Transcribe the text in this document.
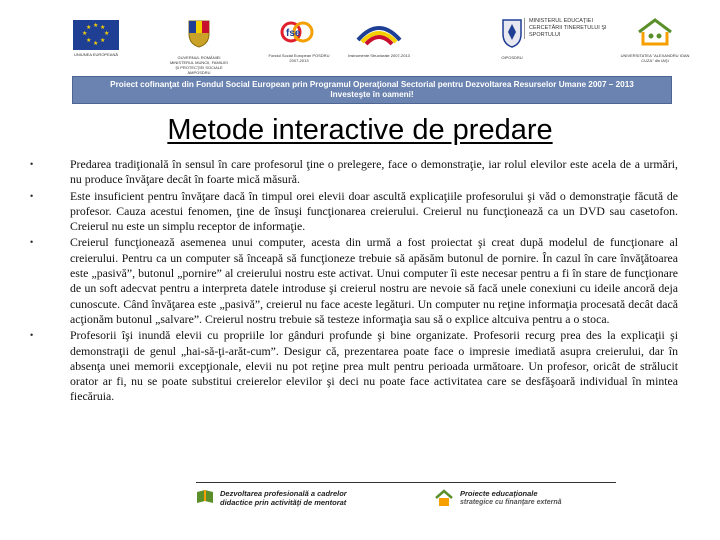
★ ★
★
★
★
★
★
★
UNIUNEA EUROPEANĂ
GUVERNUL ROMÂNIEI MINISTERUL MUNCII, FAMILIEI ŞI PROTECŢIEI SOCIALE AMPOSDRU
fse
Fondul Social European POSDRU 2007-2013
Instrumente Structurale 2007-2013	OIPOSDRU
MINISTERUL EDUCAŢIEI CERCETĂRII TINERETULUI ŞI SPORTULUI
UNIVERSITATEA "ALEXANDRU IOAN CUZA" din IAŞI
Proiect cofinanţat din Fondul Social European prin Programul Operaţional Sectorial pentru Dezvoltarea Resurselor Umane 2007 – 2013
Investeşte în oameni!
Metode interactive de predare
•	Predarea tradiţională în sensul în care profesorul ţine o prelegere, face o demonstraţie, iar rolul elevilor este acela de a urmări, nu produce învăţare decât în foarte mică măsură.
•	Este insuficient pentru învăţare dacă în timpul orei elevii doar ascultă explicaţiile profesorului şi văd o demonstraţie făcută de profesor. Cauza acestui fenomen, ţine de însuşi funcţionarea creierului. Creierul nu funcţionează ca un DVD sau casetofon. Creierul nu este un simplu receptor de informaţie.
•	Creierul funcţionează asemenea unui computer, acesta din urmă a fost proiectat şi creat după modelul de funcţionare al creierului. Pentru ca un computer să înceapă să funcţioneze trebuie să apăsăm butonul de pornire. În cazul în care învăţătoarea este „pasivă”, butonul „pornire” al creierului nostru este activat. Unui computer îi este necesar pentru a fi în stare de funcţionare de un soft adecvat pentru a interpreta datele introduse şi creierul nostru are nevoie să facă unele conexiuni cu ideile ancoră deja cunoscute. Când învăţarea este „pasivă”, creierul nu face aceste legături. Un computer nu reţine informaţia procesată decât dacă acţionăm butonul „salvare”. Creierul nostru trebuie să testeze informaţia sau să o explice altcuiva pentru a o stoca.
•	Profesorii îşi inundă elevii cu propriile lor gânduri profunde şi bine organizate. Profesorii recurg prea des la explicaţii şi demonstraţii de genul „hai-să-ţi-arăt-cum”. Desigur că, prezentarea poate face o impresie imediată asupra creierului, dar în absenţa unei memorii excepţionale, elevii nu pot reţine prea mult pentru perioada următoare. Un profesor, oricât de strălucit orator ar fi, nu se poate substitui creierelor elevilor şi deci nu poate face activitatea care se desfăşoară individual în mintea fiecăruia.
Dezvoltarea profesională a cadrelor
didactice prin activităţi de mentorat
Proiecte educaţionale
strategice cu finanţare externă
